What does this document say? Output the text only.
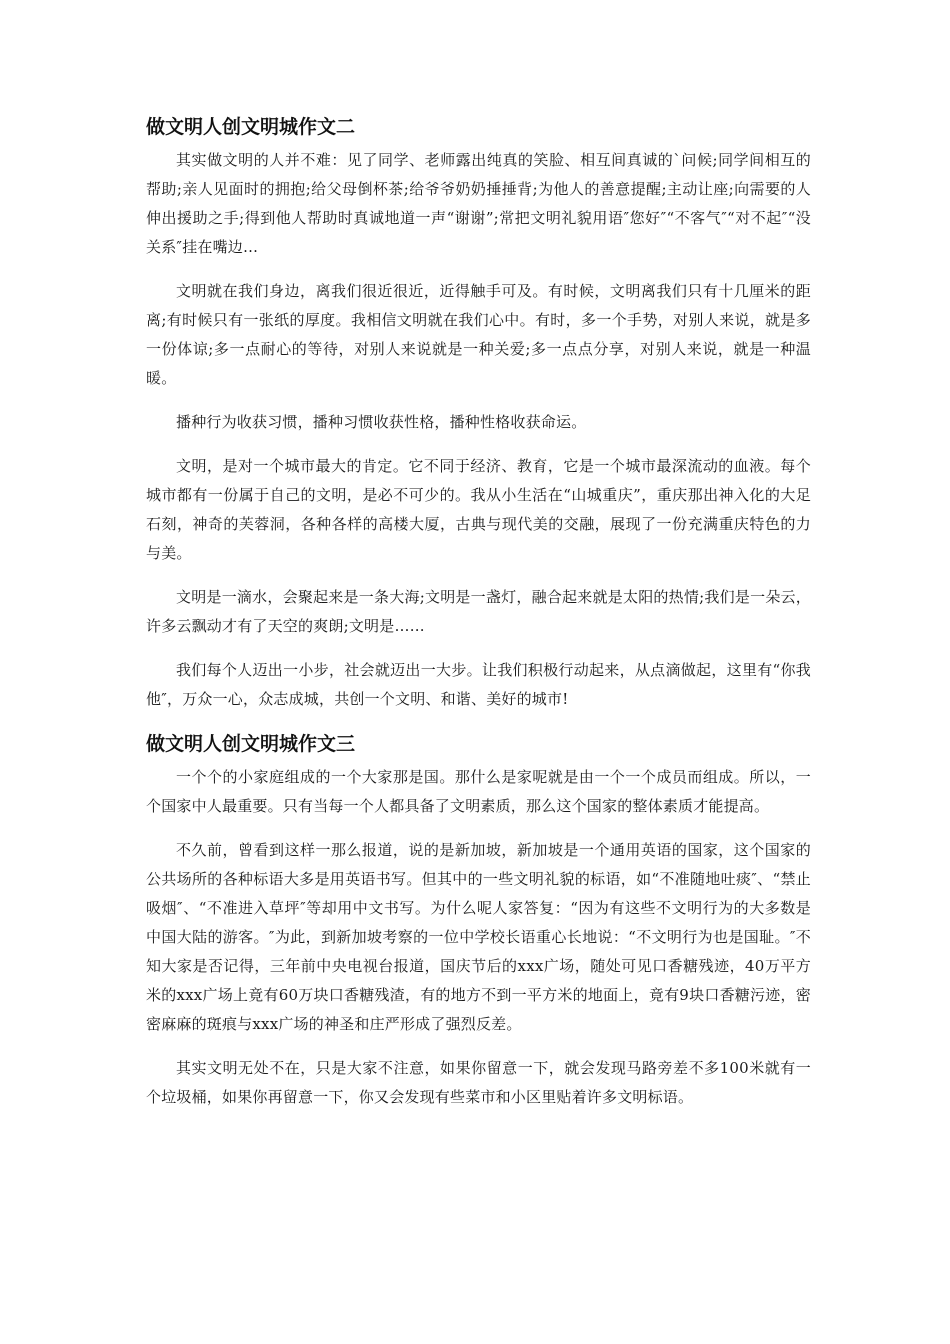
做文明人创文明城作文二

其实做文明的人并不难：见了同学、老师露出纯真的笑脸、相互间真诚的`问候;同学间相互的帮助;亲人见面时的拥抱;给父母倒杯茶;给爷爷奶奶捶捶背;为他人的善意提醒;主动让座;向需要的人伸出援助之手;得到他人帮助时真诚地道一声“谢谢”;常把文明礼貌用语″您好″“不客气″“对不起″“没关系″挂在嘴边…

文明就在我们身边，离我们很近很近，近得触手可及。有时候，文明离我们只有十几厘米的距离;有时候只有一张纸的厚度。我相信文明就在我们心中。有时，多一个手势，对别人来说，就是多一份体谅;多一点耐心的等待，对别人来说就是一种关爱;多一点点分享，对别人来说，就是一种温暖。

播种行为收获习惯，播种习惯收获性格，播种性格收获命运。

文明，是对一个城市最大的肯定。它不同于经济、教育，它是一个城市最深流动的血液。每个城市都有一份属于自己的文明，是必不可少的。我从小生活在“山城重庆”，重庆那出神入化的大足石刻，神奇的芙蓉洞，各种各样的高楼大厦，古典与现代美的交融，展现了一份充满重庆特色的力与美。

文明是一滴水，会聚起来是一条大海;文明是一盏灯，融合起来就是太阳的热情;我们是一朵云，许多云飘动才有了天空的爽朗;文明是……

我们每个人迈出一小步，社会就迈出一大步。让我们积极行动起来，从点滴做起，这里有“你我他″，万众一心，众志成城，共创一个文明、和谐、美好的城市!

做文明人创文明城作文三

一个个的小家庭组成的一个大家那是国。那什么是家呢就是由一个一个成员而组成。所以，一个国家中人最重要。只有当每一个人都具备了文明素质，那么这个国家的整体素质才能提高。

不久前，曾看到这样一那么报道，说的是新加坡，新加坡是一个通用英语的国家，这个国家的公共场所的各种标语大多是用英语书写。但其中的一些文明礼貌的标语，如“不准随地吐痰″、“禁止吸烟″、“不准进入草坪″等却用中文书写。为什么呢人家答复：“因为有这些不文明行为的大多数是中国大陆的游客。″为此，到新加坡考察的一位中学校长语重心长地说：“不文明行为也是国耻。″不知大家是否记得，三年前中央电视台报道，国庆节后的xxx广场，随处可见口香糖残迹，40万平方米的xxx广场上竟有60万块口香糖残渣，有的地方不到一平方米的地面上，竟有9块口香糖污迹，密密麻麻的斑痕与xxx广场的神圣和庄严形成了强烈反差。

其实文明无处不在，只是大家不注意，如果你留意一下，就会发现马路旁差不多100米就有一个垃圾桶，如果你再留意一下，你又会发现有些菜市和小区里贴着许多文明标语。
